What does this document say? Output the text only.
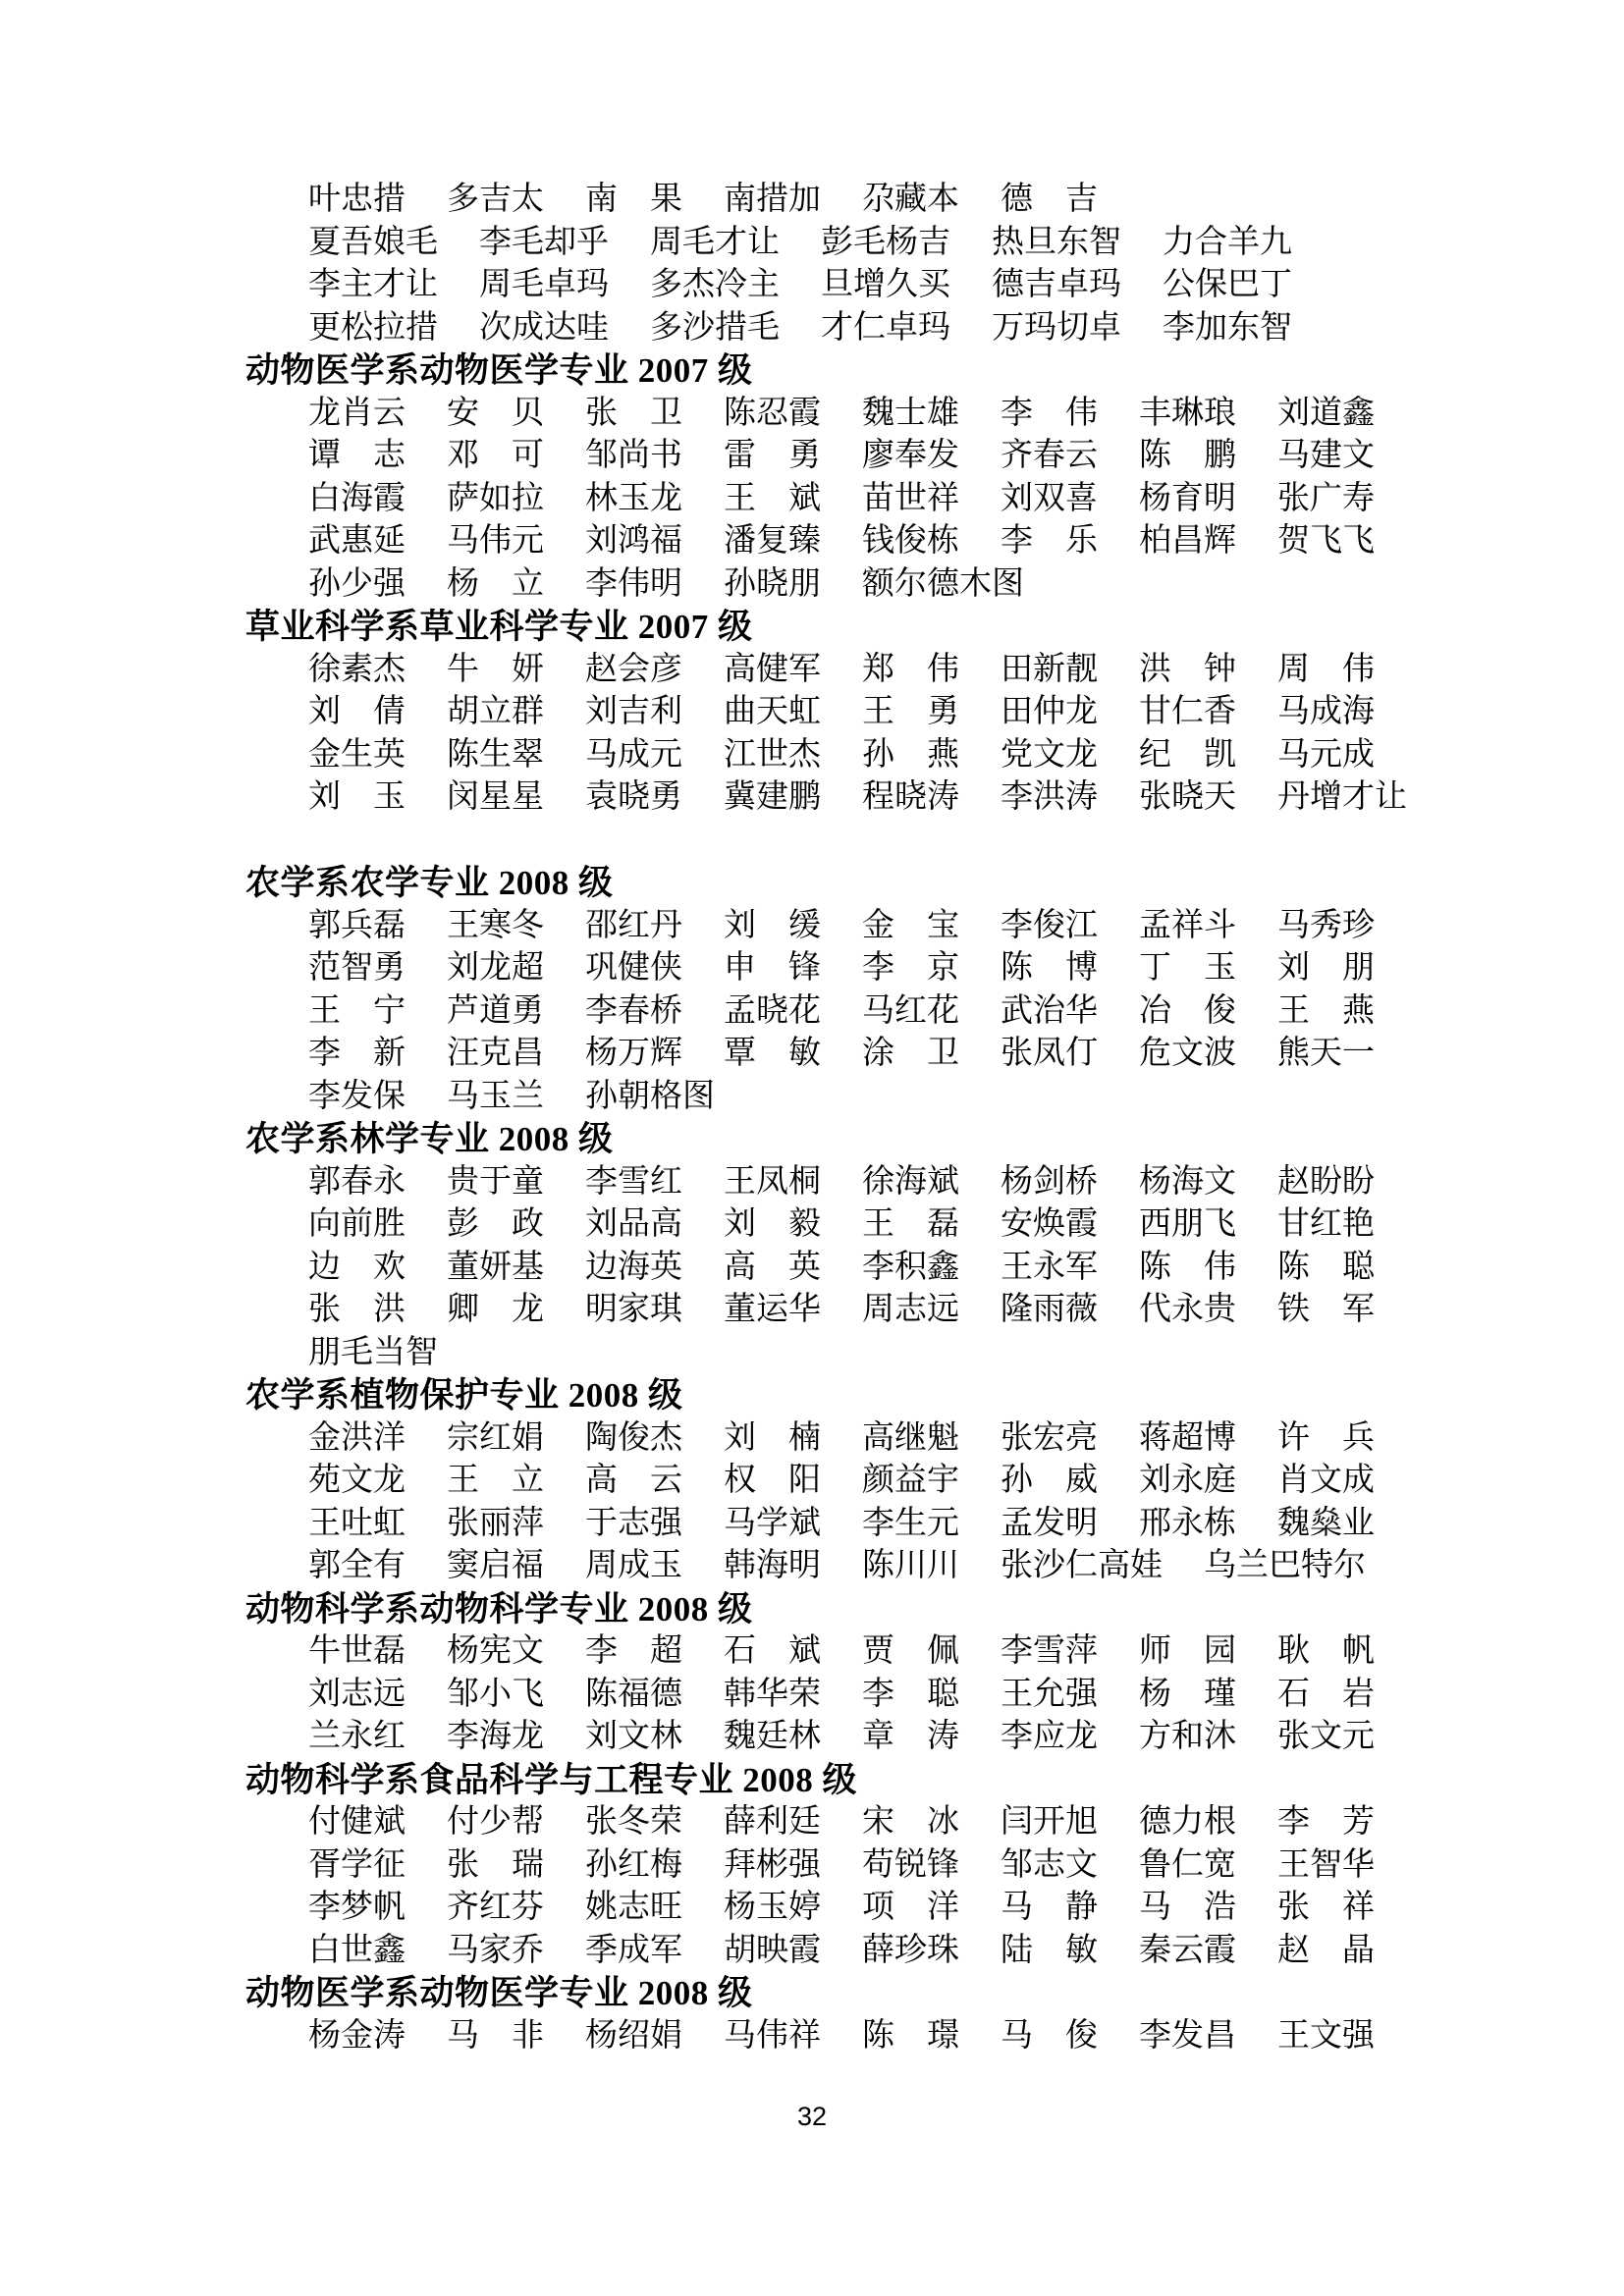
叶忠措 多吉太 南　果 南措加 尕藏本 德　吉
夏吾娘毛 李毛却乎 周毛才让 彭毛杨吉 热旦东智 力合羊九
李主才让 周毛卓玛 多杰冷主 旦增久买 德吉卓玛 公保巴丁
更松拉措 次成达哇 多沙措毛 才仁卓玛 万玛切卓 李加东智
动物医学系动物医学专业 2007 级
龙肖云 安　贝 张　卫 陈忍霞 魏士雄 李　伟 丰琳琅 刘道鑫
谭　志 邓　可 邹尚书 雷　勇 廖奉发 齐春云 陈　鹏 马建文
白海霞 萨如拉 林玉龙 王　斌 苗世祥 刘双喜 杨育明 张广寿
武惠延 马伟元 刘鸿福 潘复臻 钱俊栋 李　乐 柏昌辉 贺飞飞
孙少强 杨　立 李伟明 孙晓朋 额尔德木图
草业科学系草业科学专业 2007 级
徐素杰 牛　妍 赵会彦 高健军 郑　伟 田新靓 洪　钟 周　伟
刘　倩 胡立群 刘吉利 曲天虹 王　勇 田仲龙 甘仁香 马成海
金生英 陈生翠 马成元 江世杰 孙　燕 党文龙 纪　凯 马元成
刘　玉 闵星星 袁晓勇 冀建鹏 程晓涛 李洪涛 张晓天 丹增才让
农学系农学专业 2008 级
郭兵磊 王寒冬 邵红丹 刘　缓 金　宝 李俊江 孟祥斗 马秀珍
范智勇 刘龙超 巩健侠 申　锋 李　京 陈　博 丁　玉 刘　朋
王　宁 芦道勇 李春桥 孟晓花 马红花 武治华 冶　俊 王　燕
李　新 汪克昌 杨万辉 覃　敏 涂　卫 张凤仃 危文波 熊天一
李发保 马玉兰 孙朝格图
农学系林学专业 2008 级
郭春永 贵于童 李雪红 王凤桐 徐海斌 杨剑桥 杨海文 赵盼盼
向前胜 彭　政 刘品高 刘　毅 王　磊 安焕霞 西朋飞 甘红艳
边　欢 董妍基 边海英 高　英 李积鑫 王永军 陈　伟 陈　聪
张　洪 卿　龙 明家琪 董运华 周志远 隆雨薇 代永贵 铁　军
朋毛当智
农学系植物保护专业 2008 级
金洪洋 宗红娟 陶俊杰 刘　楠 高继魁 张宏亮 蒋超博 许　兵
苑文龙 王　立 高　云 权　阳 颜益宇 孙　威 刘永庭 肖文成
王吐虹 张丽萍 于志强 马学斌 李生元 孟发明 邢永栋 魏燊业
郭全有 窦启福 周成玉 韩海明 陈川川 张沙仁高娃 乌兰巴特尔
动物科学系动物科学专业 2008 级
牛世磊 杨宪文 李　超 石　斌 贾　佩 李雪萍 师　园 耿　帆
刘志远 邹小飞 陈福德 韩华荣 李　聪 王允强 杨　瑾 石　岩
兰永红 李海龙 刘文林 魏廷林 章　涛 李应龙 方和沐 张文元
动物科学系食品科学与工程专业 2008 级
付健斌 付少帮 张冬荣 薛利廷 宋　冰 闫开旭 德力根 李　芳
胥学征 张　瑞 孙红梅 拜彬强 苟锐锋 邹志文 鲁仁宽 王智华
李梦帆 齐红芬 姚志旺 杨玉婷 项　洋 马　静 马　浩 张　祥
白世鑫 马家乔 季成军 胡映霞 薛珍珠 陆　敏 秦云霞 赵　晶
动物医学系动物医学专业 2008 级
杨金涛 马　非 杨绍娟 马伟祥 陈　璟 马　俊 李发昌 王文强
32
